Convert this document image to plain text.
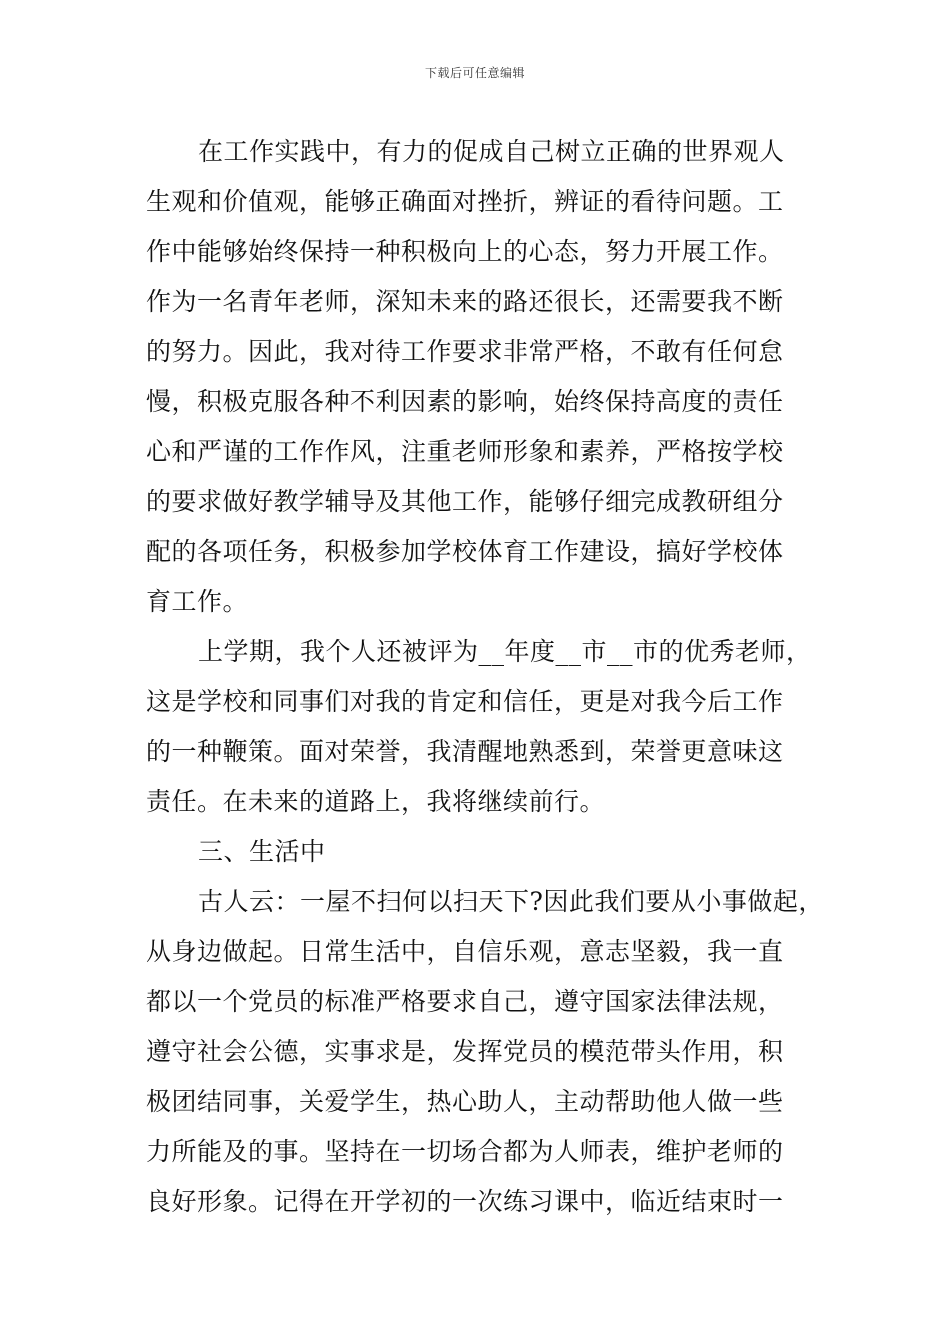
下载后可任意编辑
在工作实践中，有力的促成自己树立正确的世界观人
生观和价值观，能够正确面对挫折，辨证的看待问题。工
作中能够始终保持一种积极向上的心态，努力开展工作。
作为一名青年老师，深知未来的路还很长，还需要我不断
的努力。因此，我对待工作要求非常严格，不敢有任何怠
慢，积极克服各种不利因素的影响，始终保持高度的责任
心和严谨的工作作风，注重老师形象和素养，严格按学校
的要求做好教学辅导及其他工作，能够仔细完成教研组分
配的各项任务，积极参加学校体育工作建设，搞好学校体
育工作。
上学期，我个人还被评为__年度__市__市的优秀老师，
这是学校和同事们对我的肯定和信任，更是对我今后工作
的一种鞭策。面对荣誉，我清醒地熟悉到，荣誉更意味这
责任。在未来的道路上，我将继续前行。
三、生活中
古人云：一屋不扫何以扫天下?因此我们要从小事做起，
从身边做起。日常生活中，自信乐观，意志坚毅，我一直
都以一个党员的标准严格要求自己，遵守国家法律法规，
遵守社会公德，实事求是，发挥党员的模范带头作用，积
极团结同事，关爱学生，热心助人，主动帮助他人做一些
力所能及的事。坚持在一切场合都为人师表，维护老师的
良好形象。记得在开学初的一次练习课中，临近结束时一
